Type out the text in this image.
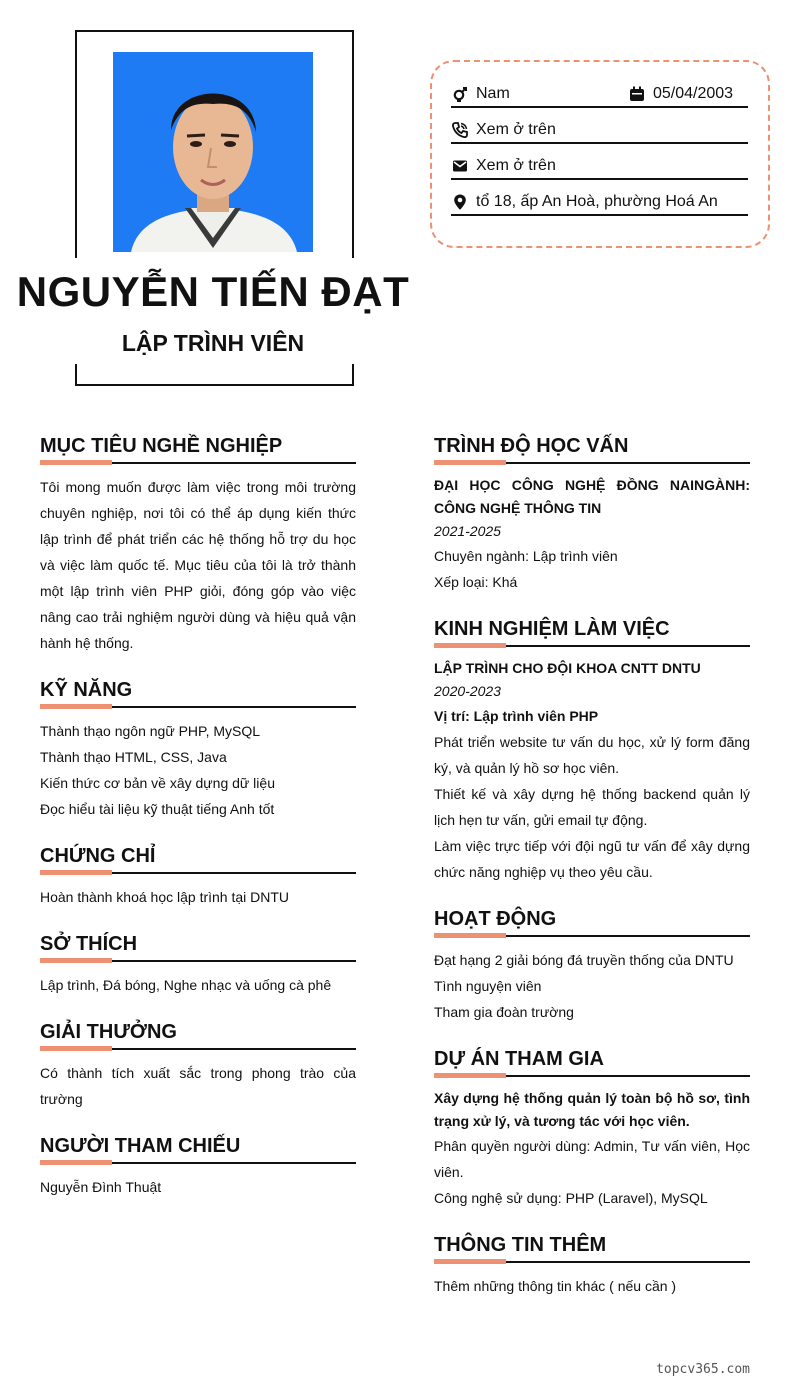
NGUYỄN TIẾN ĐẠT
LẬP TRÌNH VIÊN
Nam	05/04/2003
Xem ở trên
Xem ở trên
tổ 18, ấp An Hoà, phường Hoá An
MỤC TIÊU NGHỀ NGHIỆP

Tôi mong muốn được làm việc trong môi trường chuyên nghiệp, nơi tôi có thể áp dụng kiến thức lập trình để phát triển các hệ thống hỗ trợ du học và việc làm quốc tế. Mục tiêu của tôi là trở thành một lập trình viên PHP giỏi, đóng góp vào việc nâng cao trải nghiệm người dùng và hiệu quả vận hành hệ thống.

KỸ NĂNG

Thành thạo ngôn ngữ PHP, MySQL

Thành thạo HTML, CSS, Java

Kiến thức cơ bản về xây dựng dữ liệu

Đọc hiểu tài liệu kỹ thuật tiếng Anh tốt

CHỨNG CHỈ

Hoàn thành khoá học lập trình tại DNTU

SỞ THÍCH

Lập trình, Đá bóng, Nghe nhạc và uống cà phê

GIẢI THƯỞNG

Có thành tích xuất sắc trong phong trào của trường

NGƯỜI THAM CHIẾU

Nguyễn Đình Thuật

TRÌNH ĐỘ HỌC VẤN

ĐẠI HỌC CÔNG NGHỆ ĐỒNG NAINGÀNH: CÔNG NGHỆ THÔNG TIN

2021-2025

Chuyên ngành: Lập trình viên

Xếp loại: Khá

KINH NGHIỆM LÀM VIỆC

LẬP TRÌNH CHO ĐỘI KHOA CNTT DNTU

2020-2023

Vị trí: Lập trình viên PHP

Phát triển website tư vấn du học, xử lý form đăng ký, và quản lý hồ sơ học viên.

Thiết kế và xây dựng hệ thống backend quản lý lịch hẹn tư vấn, gửi email tự động.

Làm việc trực tiếp với đội ngũ tư vấn để xây dựng chức năng nghiệp vụ theo yêu cầu.

HOẠT ĐỘNG

Đạt hạng 2 giải bóng đá truyền thống của DNTU

Tình nguyện viên

Tham gia đoàn trường

DỰ ÁN THAM GIA

Xây dựng hệ thống quản lý toàn bộ hồ sơ, tình trạng xử lý, và tương tác với học viên.

Phân quyền người dùng: Admin, Tư vấn viên, Học viên.

Công nghệ sử dụng: PHP (Laravel), MySQL

THÔNG TIN THÊM

Thêm những thông tin khác ( nếu cần )

topcv365.com
